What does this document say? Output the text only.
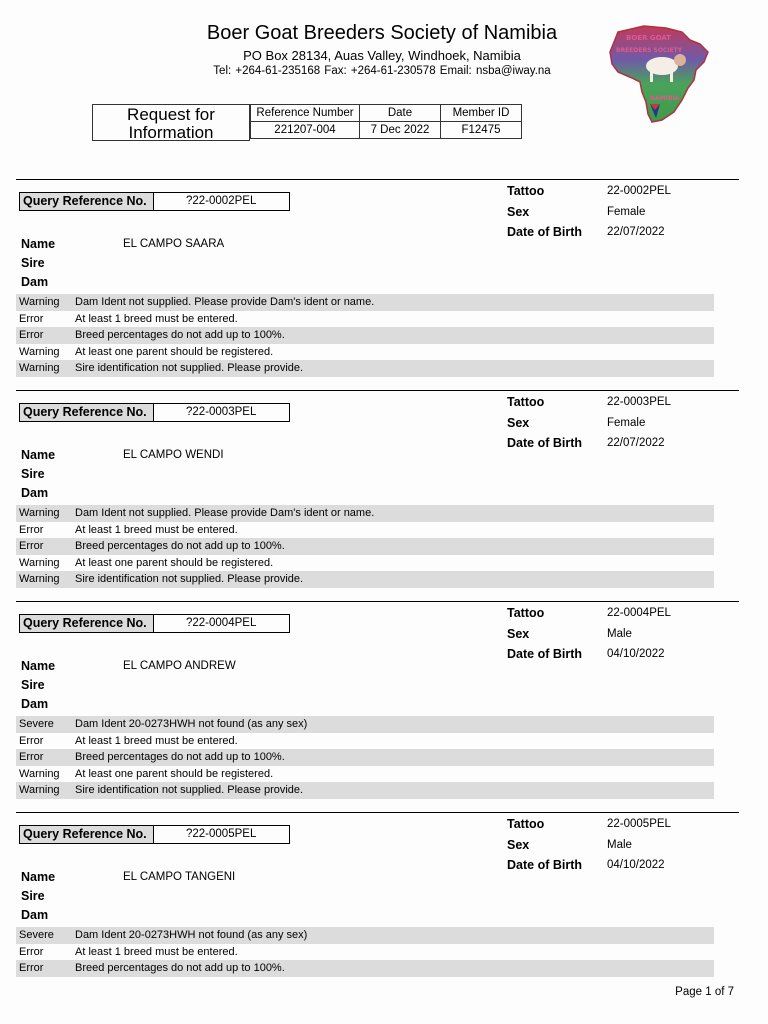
Boer Goat Breeders Society of Namibia
PO Box 28134, Auas Valley, Windhoek, Namibia
Tel: +264-61-235168 Fax: +264-61-230578 Email: nsba@iway.na
BOER GOAT
BREEDERS SOCIETY
NAMIBIA
Request for
Information
Reference Number	Date	Member ID
221207-004	7 Dec 2022	F12475
Query Reference No.	?22-0002PEL
Name	EL CAMPO SAARA
Sire
Dam
Tattoo	22-0002PEL
Sex	Female
Date of Birth 22/07/2022
Warning	Dam Ident not supplied. Please provide Dam's ident or name.
Error	At least 1 breed must be entered.
Error	Breed percentages do not add up to 100%.
Warning	At least one parent should be registered.
Warning	Sire identification not supplied. Please provide.
Query Reference No.	?22-0003PEL
Name	EL CAMPO WENDI
Sire
Dam
Tattoo	22-0003PEL
Sex	Female
Date of Birth 22/07/2022
Warning	Dam Ident not supplied. Please provide Dam's ident or name.
Error	At least 1 breed must be entered.
Error	Breed percentages do not add up to 100%.
Warning	At least one parent should be registered.
Warning	Sire identification not supplied. Please provide.
Query Reference No.	?22-0004PEL
Name	EL CAMPO ANDREW
Sire
Dam
Tattoo	22-0004PEL
Sex	Male
Date of Birth 04/10/2022
Severe	Dam Ident 20-0273HWH not found (as any sex)
Error	At least 1 breed must be entered.
Error	Breed percentages do not add up to 100%.
Warning	At least one parent should be registered.
Warning	Sire identification not supplied. Please provide.
Query Reference No.	?22-0005PEL
Name	EL CAMPO TANGENI
Sire
Dam
Tattoo	22-0005PEL
Sex	Male
Date of Birth 04/10/2022
Severe	Dam Ident 20-0273HWH not found (as any sex)
Error	At least 1 breed must be entered.
Error	Breed percentages do not add up to 100%.
Page 1 of 7
